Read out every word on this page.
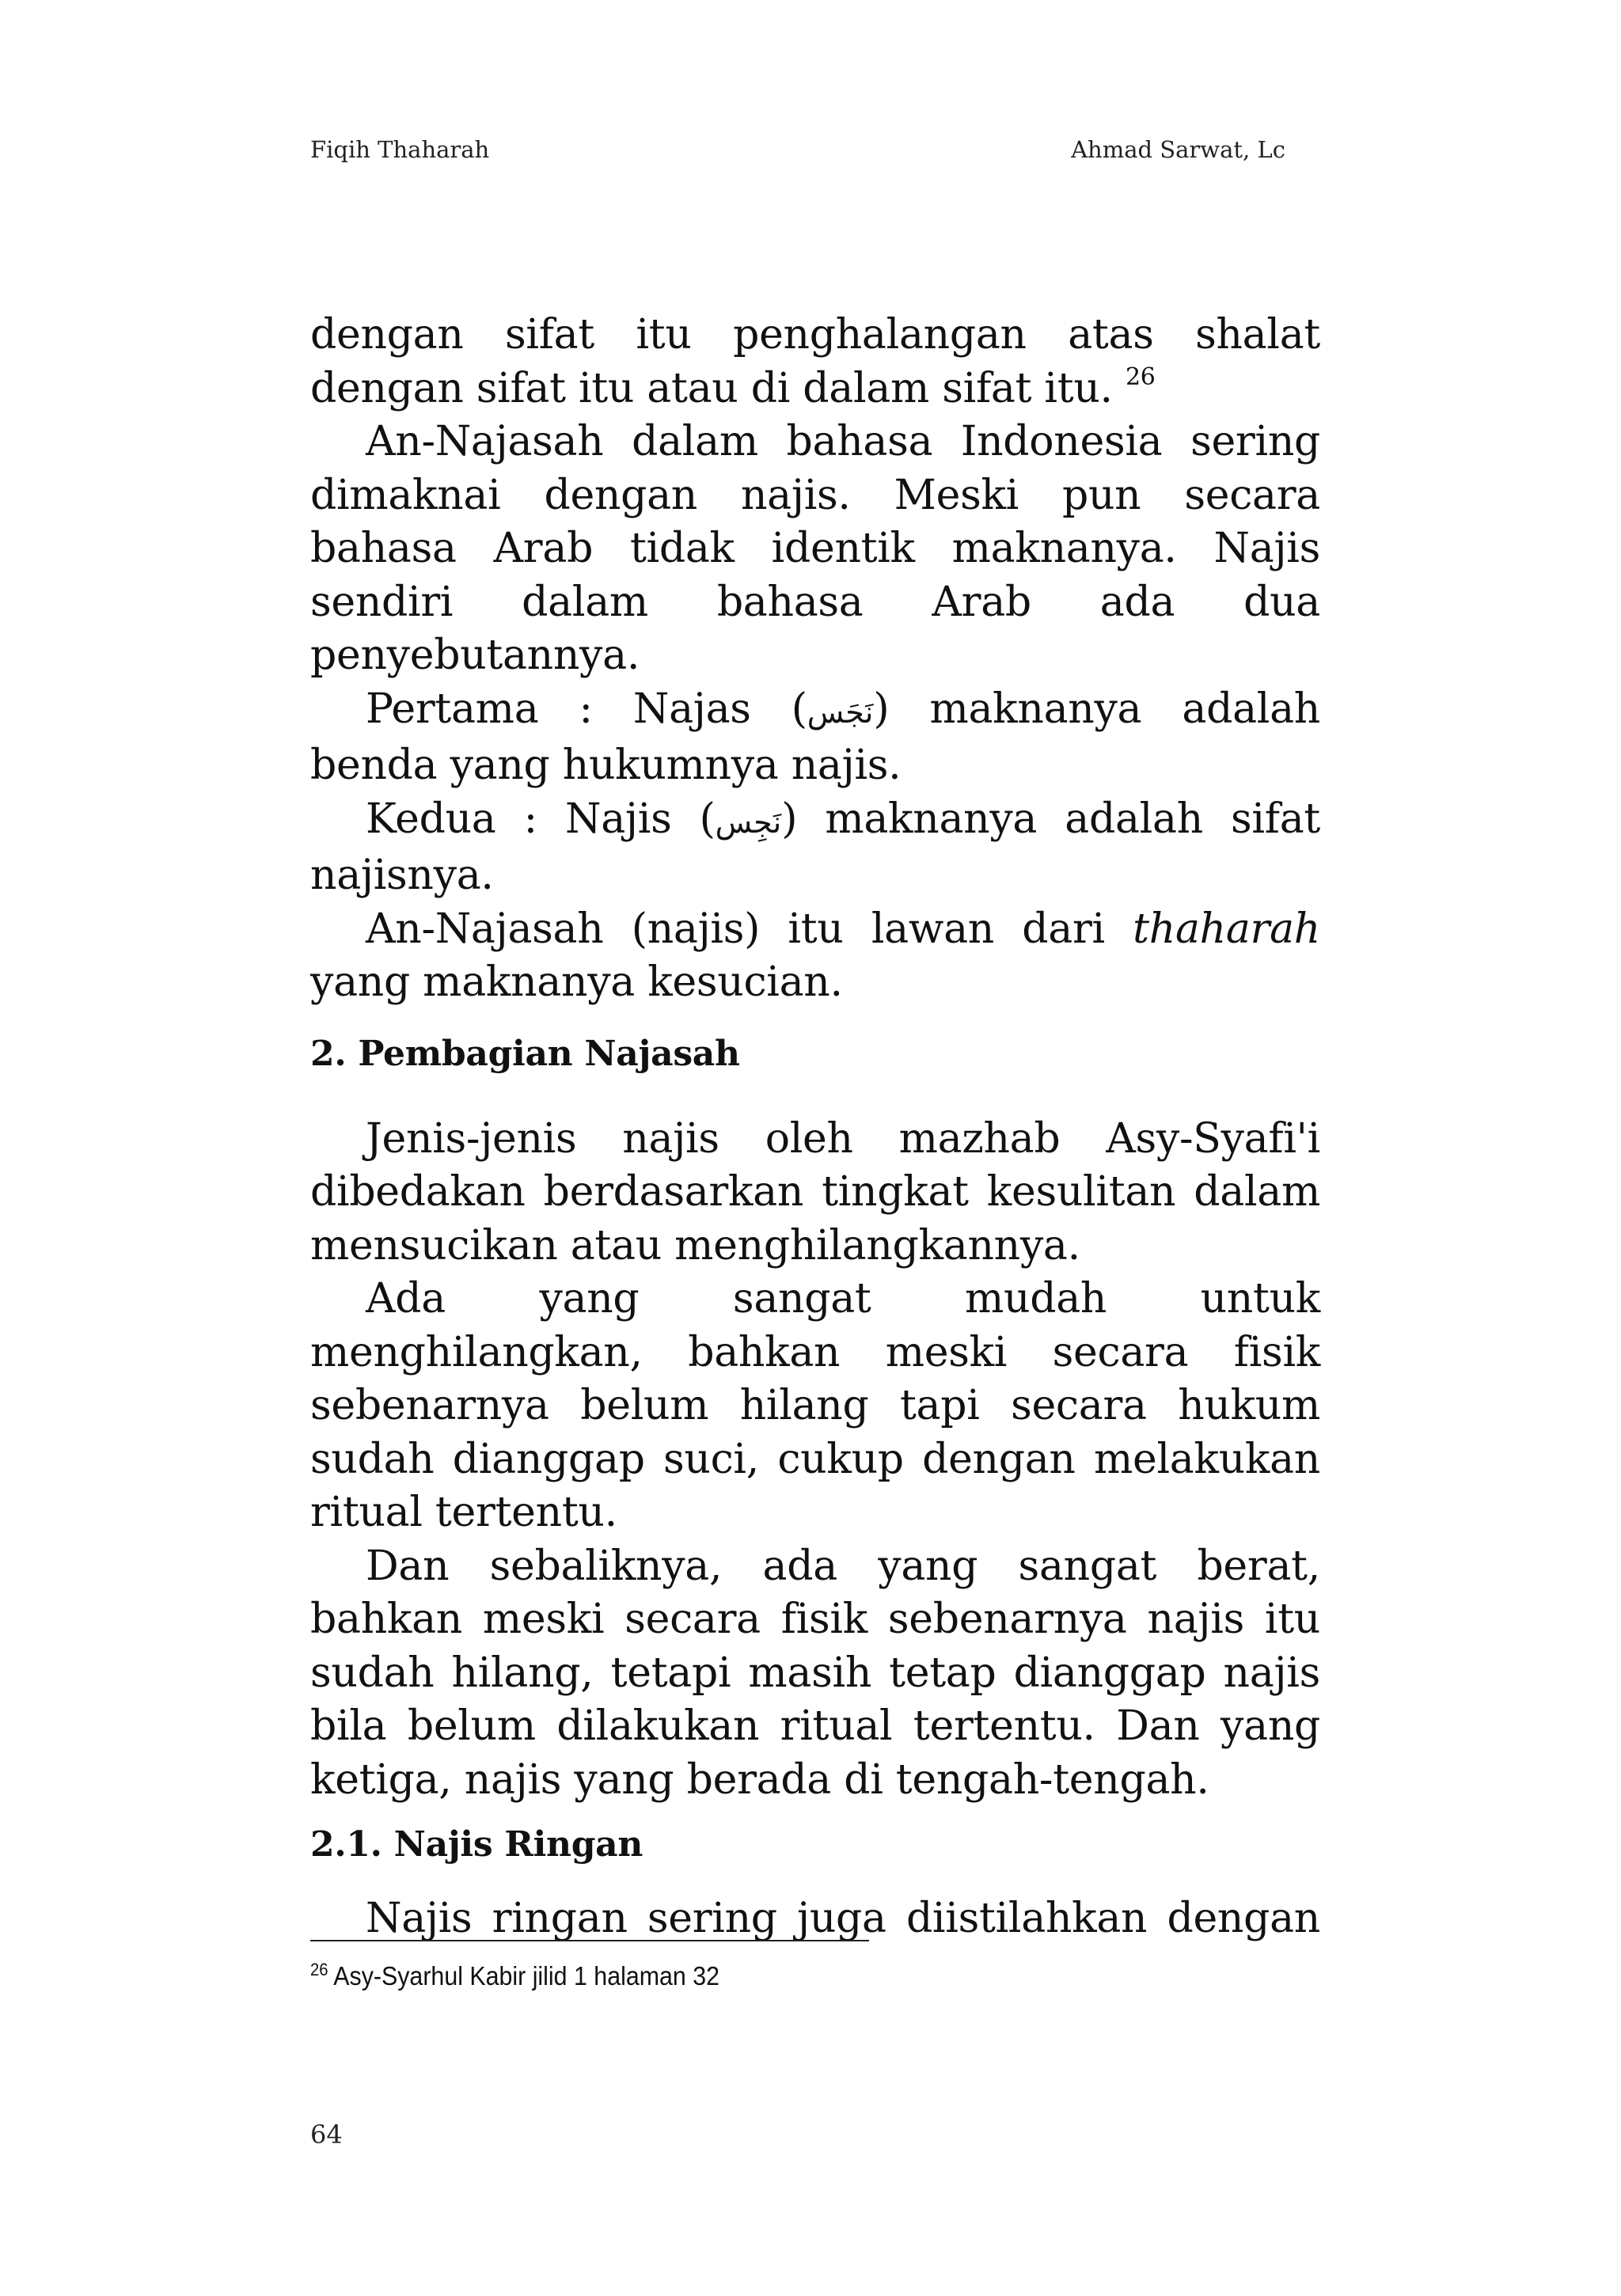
Fiqih Thaharah	Ahmad Sarwat, Lc

dengan sifat itu penghalangan atas shalat dengan sifat itu atau di dalam sifat itu. $^{26}$

An-Najasah dalam bahasa Indonesia sering dimaknai dengan najis. Meski pun secara bahasa Arab tidak identik maknanya. Najis sendiri dalam bahasa Arab ada dua penyebutannya.

Pertama : Najas (نَجَس) maknanya adalah benda yang hukumnya najis.

Kedua : Najis (نَجِس) maknanya adalah sifat najisnya.

An-Najasah (najis) itu lawan dari thaharah yang maknanya kesucian.

2. Pembagian Najasah

Jenis-jenis najis oleh mazhab Asy-Syafi'i dibedakan berdasarkan tingkat kesulitan dalam mensucikan atau menghilangkannya.

Ada yang sangat mudah untuk menghilangkan, bahkan meski secara fisik sebenarnya belum hilang tapi secara hukum sudah dianggap suci, cukup dengan melakukan ritual tertentu.

Dan sebaliknya, ada yang sangat berat, bahkan meski secara fisik sebenarnya najis itu sudah hilang, tetapi masih tetap dianggap najis bila belum dilakukan ritual tertentu. Dan yang ketiga, najis yang berada di tengah-tengah.

2.1. Najis Ringan

Najis ringan sering juga diistilahkan dengan

$^{26}$ Asy-Syarhul Kabir jilid 1 halaman 32
64
